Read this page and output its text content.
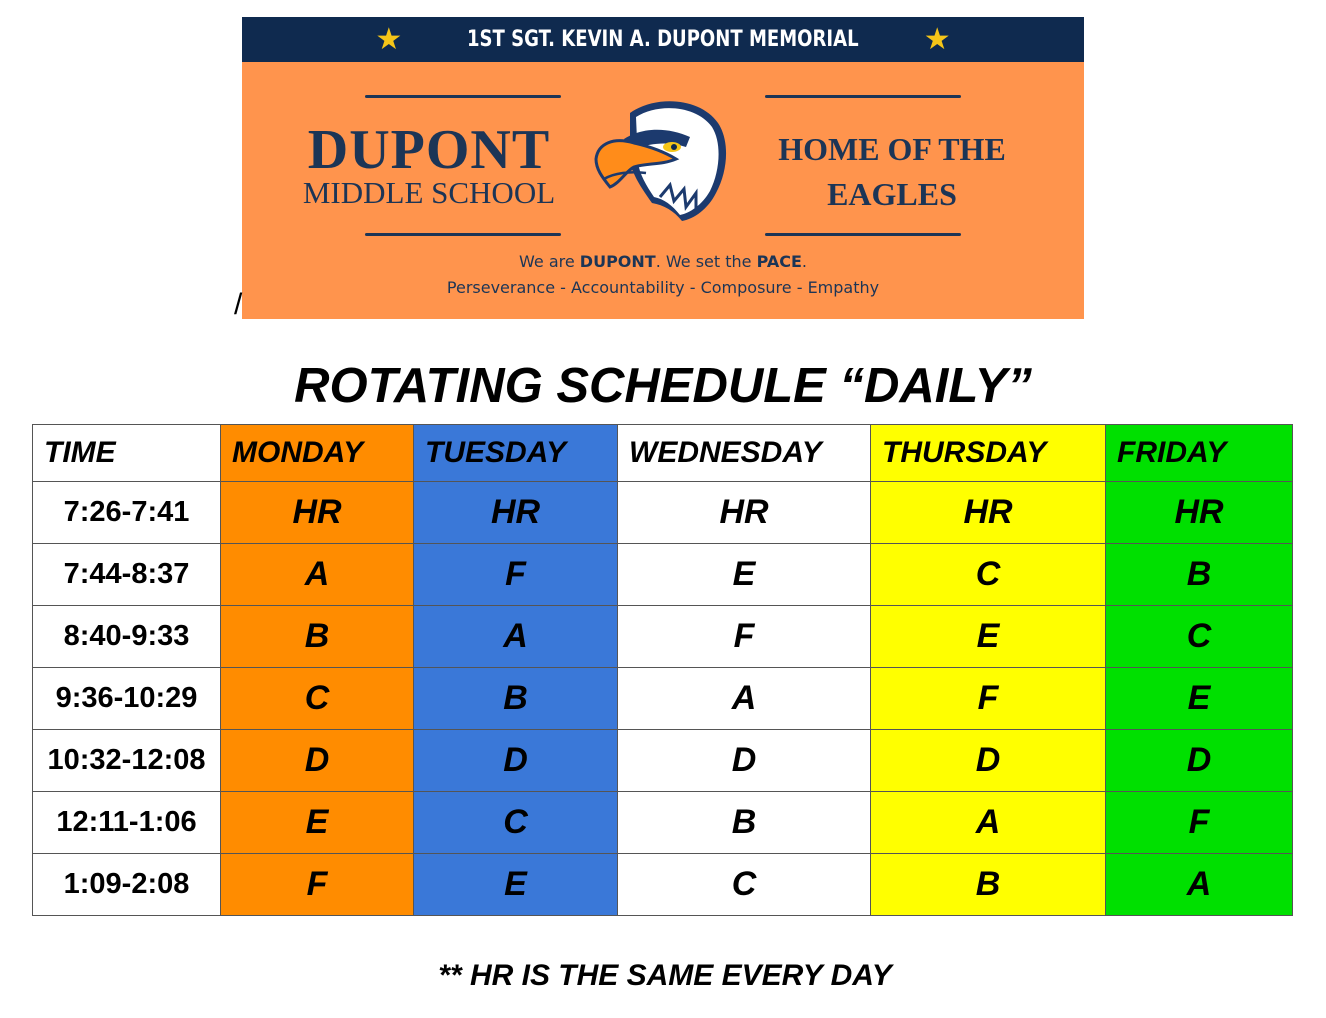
★	1ST SGT. KEVIN A. DUPONT MEMORIAL ★
DUPONT
MIDDLE SCHOOL
HOME OF THE
EAGLES
We are DUPONT. We set the PACE.
Perseverance - Accountability - Composure - Empathy
/
ROTATING SCHEDULE “DAILY”
TIME	MONDAY	TUESDAY	WEDNESDAY	THURSDAY	FRIDAY
7:26-7:41	HR	HR	HR	HR	HR
7:44-8:37	A	F	E	C	B
8:40-9:33	B	A	F	E	C
9:36-10:29	C	B	A	F	E
10:32-12:08	D	D	D	D	D
12:11-1:06	E	C	B	A	F
1:09-2:08	F	E	C	B	A
** HR IS THE SAME EVERY DAY
